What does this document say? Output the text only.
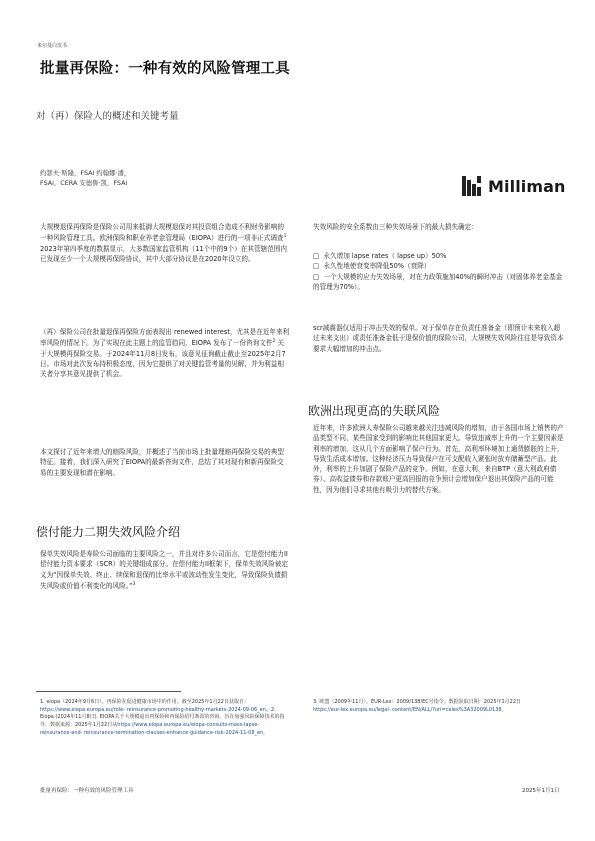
米尔曼白皮书
批量再保险：一种有效的风险管理工具
对（再）保险人的概述和关键考量
约瑟夫·斯隆，FSAi 约翰娜·潘，FSAi，CERA 安德鲁·凯，FSAi	Milliman
大规模退保再保险是保险公司用来抵御大规模退保对其投资组合造成不利财务影响的一种风险管理工具。欧洲保险和职业养老金管理局（EIOPA）进行的一项非正式调查$^1$ 2023年第四季度的数据显示，大多数国家监管机构（11个中的9个）在其管辖范围内已发现至少一个大规模再保险协议，其中大部分协议是在2020年设立的。
（再）保险公司在批量退保再保险方面表现出 renewed interest，尤其是在近年来利率风险的情况下。为了实现在此主题上的监管趋同，EIOPA 发布了一份咨询文件$^2$ 关于大规模再保险交易。于2024年11月8日发布，该意见征询截止截止至2025年2月7日。市场对此次发布持积极态度，因为它提供了对关键监管考量的见解，并为利益相关者分享其意见提供了机会。
本文探讨了近年来增大的赔险风险，并概述了当前市场上批量理赔再保险交易的典型特征。接着，我们深入研究了EIOPA的最新咨询文件，总结了其对现有和新再保险交易的主要发现和潜在影响。
偿付能力二期失效风险介绍
保单失效风险是寿险公司面临的主要风险之一，并且对许多公司而言，它是偿付能力II偿付能力资本要求（SCR）的关键组成部分。在偿付能力II框架下，保单失效风险被定义为“因保单失效、终止、续保和退保的比率水平或波动性发生变化，导致保险负债损失风险或价值不利变化的风险。”$^3$
失效风险的安全系数由三种失效场景下的最大损失确定：
□ 永久增加 lapse rates（ lapse up）50%
□ 永久性地使衰变率降低50%（衰降）
□ 一个大规模的应力失效场景，对在力政策施加40%的瞬时冲击（对固体养老金基金的管理为70%）。
scr减震器仅适用于冲击失效的保单。对于保单存在负责任准备金（即预计未来收入超过未来支出）或责任准备金低于退保价值的保险公司，大规模失效风险往往是导致资本要求大幅增加的冲击点。
欧洲出现更高的失联风险
近年来，许多欧洲人寿保险公司越来越关注违减风险的增加，由于各国市场上销售的产品类型不同，某些国家受到的影响比其他国家更大。导致违减率上升的一个主要因素是利率的增加，这从几个方面影响了保户行为。首先，高利率环境加上通货膨胀的上升，导致生活成本增加。这种经济压力导致保户在可支配收入紧张时放弃储蓄型产品。此外，利率的上升加剧了保险产品的竞争。例如，在意大利，来自BTP（意大利政府债券）、高收益债券和存款账户更高回报的竞争预计会增加保户退出其保险产品的可能性，因为他们寻求其他有吸引力的替代方案。
1. eiopa（2024年9月6日）。再保险在促进健康市场中的作用。截至2025年1月22日获取自：https://www.eiopa.europa.eu/role- reinsurance-promoting-healthy-markets-2024-09-06_en。2. Eiopa (2024年11月8日). EIOPA关于大规模退出再保险和再保险给付条款的咨询，旨在加强风险保障技术的指导。数据来源：2025年1月22日从https://www.eiopa.europa.eu/eiopa-consults-mass-lapse-reinsurance-and- reinsurance-termination-clauses-enhance-guidance-risk-2024-11-08_en。
3. 欧盟（2009年11月）。EUR-Lex：2009/138/EC号指令。数据获取日期：2025年1月22日https://eur-lex.europa.eu/legal- content/EN/ALL/?uri=celex%3A32009L0138。
批量再保险：一种有效的风险管理工具	2025年1月1日
